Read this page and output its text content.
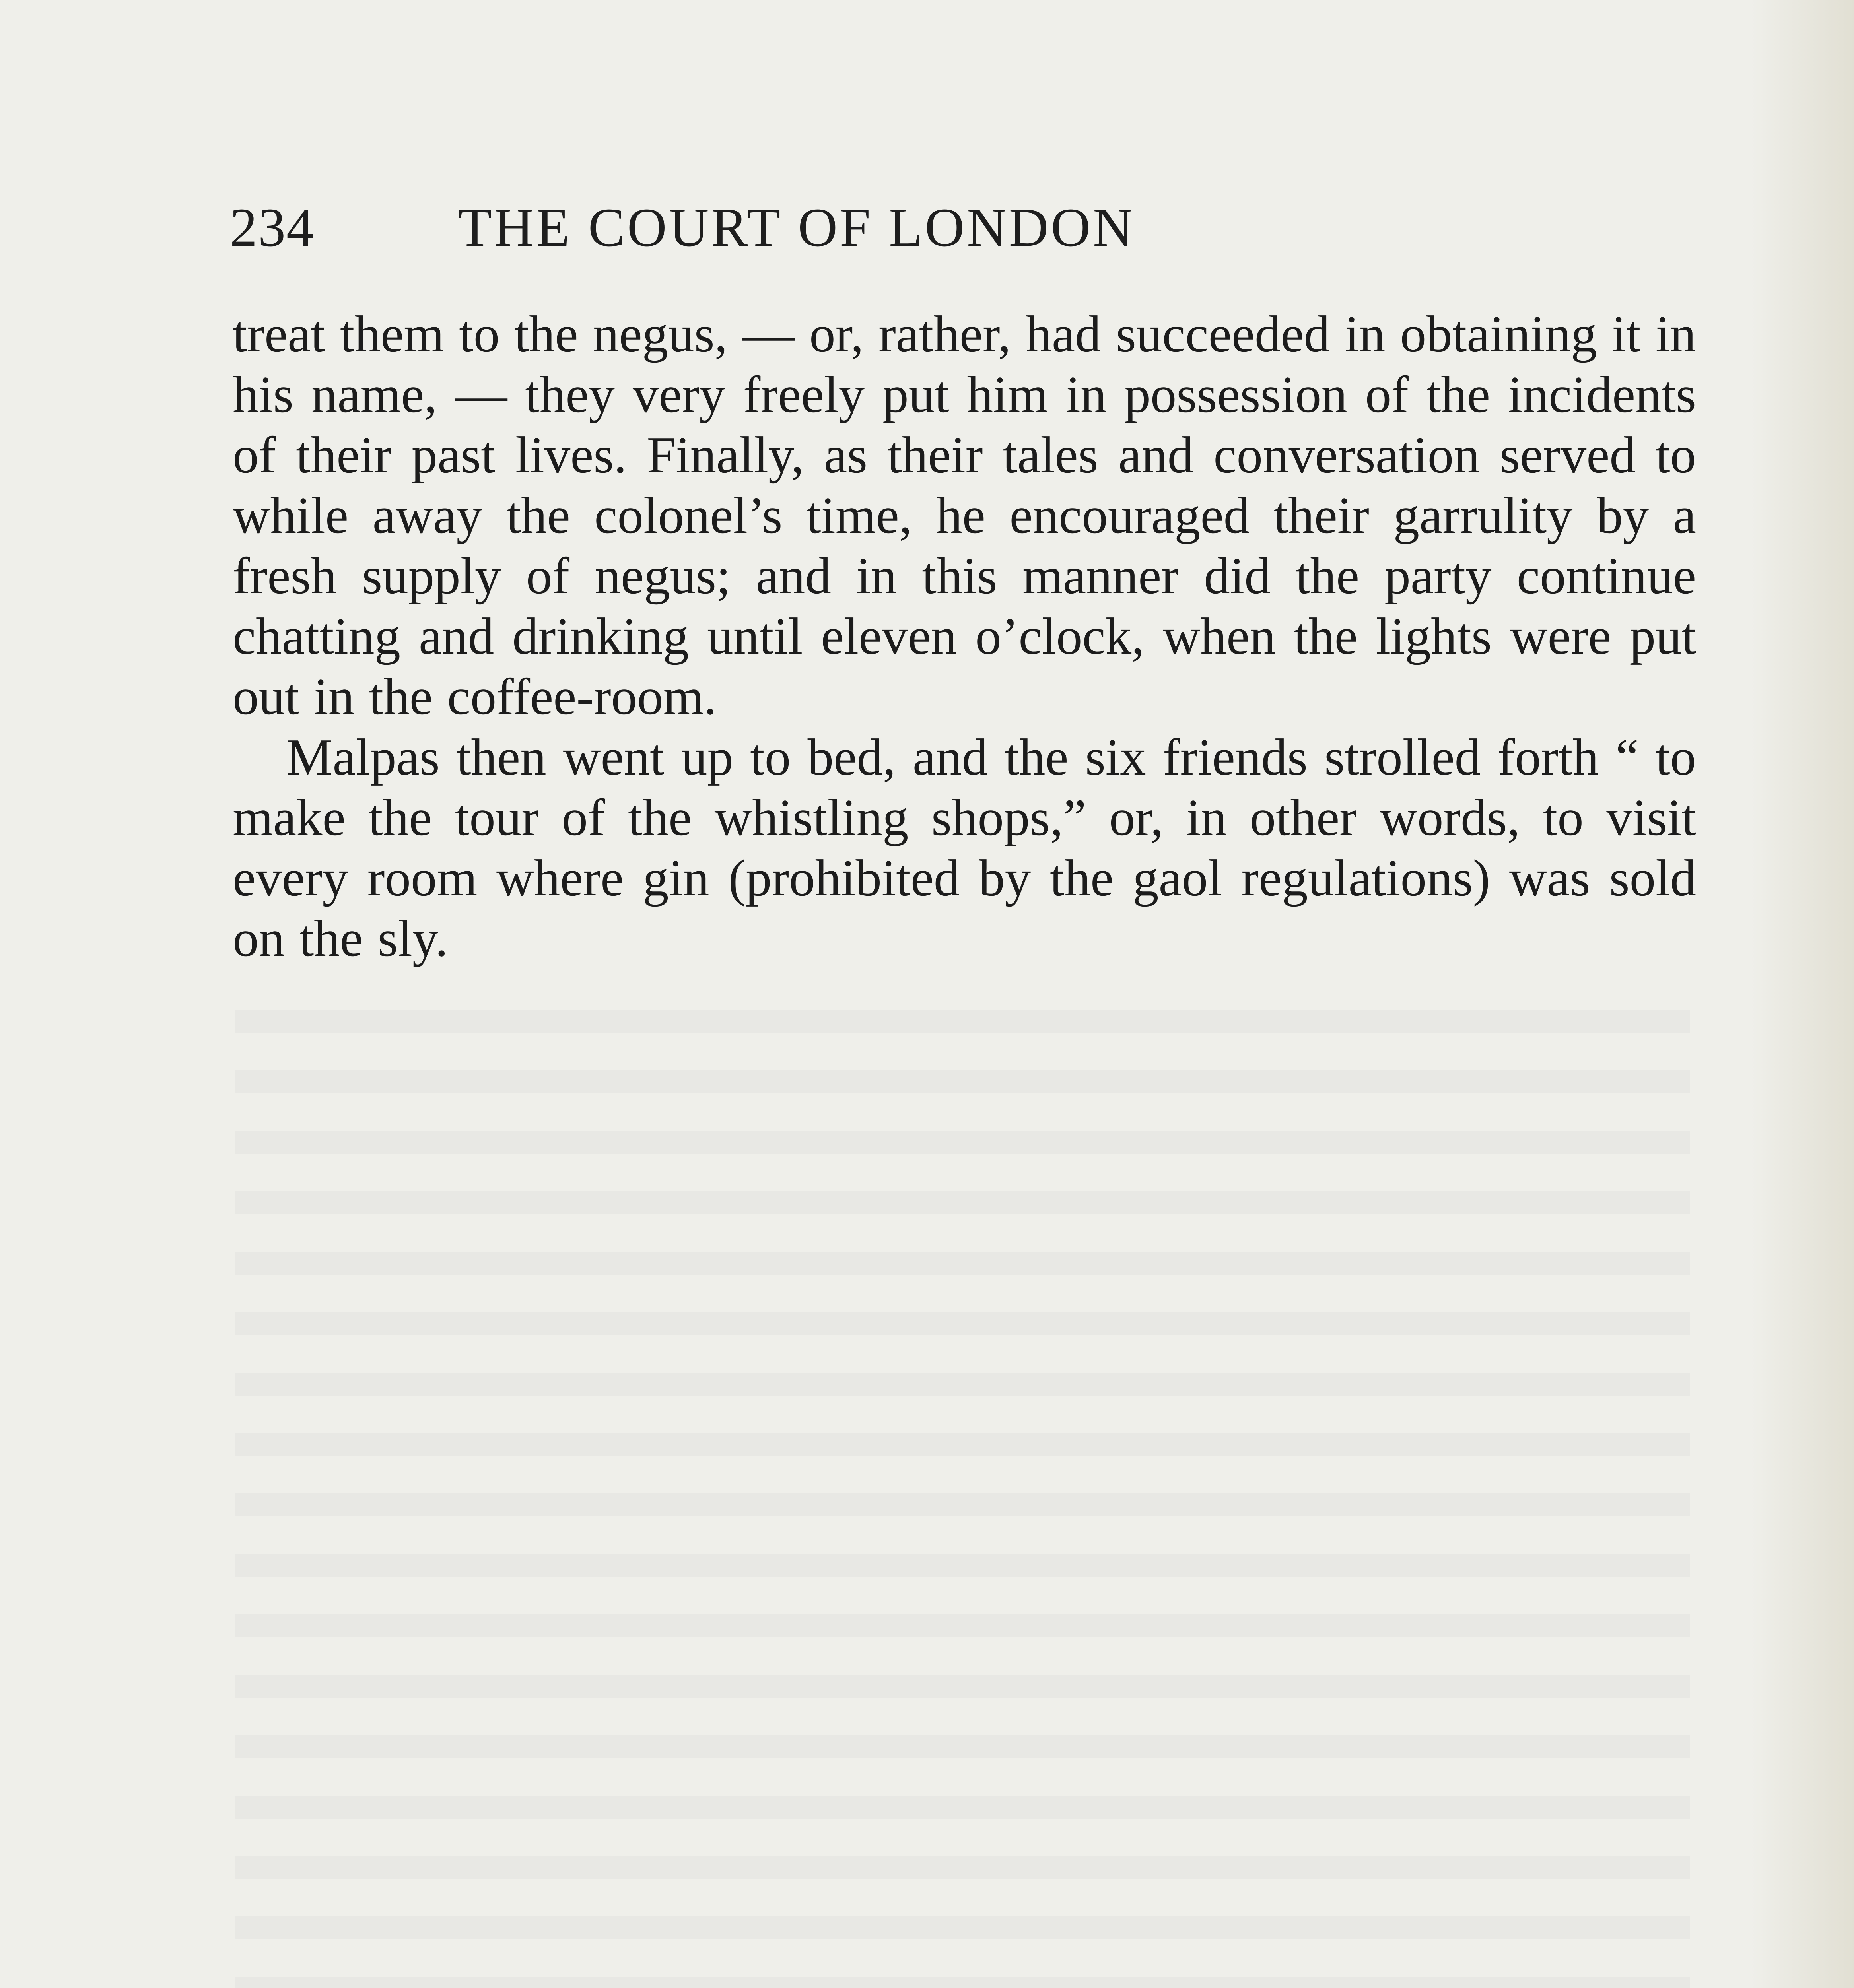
234	THE COURT OF LONDON

treat them to the negus, — or, rather, had succeeded in obtaining it in his name, — they very freely put him in possession of the incidents of their past lives. Finally, as their tales and conversation served to while away the colonel’s time, he encouraged their garrulity by a fresh supply of negus; and in this manner did the party continue chatting and drinking until eleven o’clock, when the lights were put out in the coffee-room.

Malpas then went up to bed, and the six friends strolled forth “ to make the tour of the whistling shops,” or, in other words, to visit every room where gin (prohibited by the gaol regulations) was sold on the sly.
